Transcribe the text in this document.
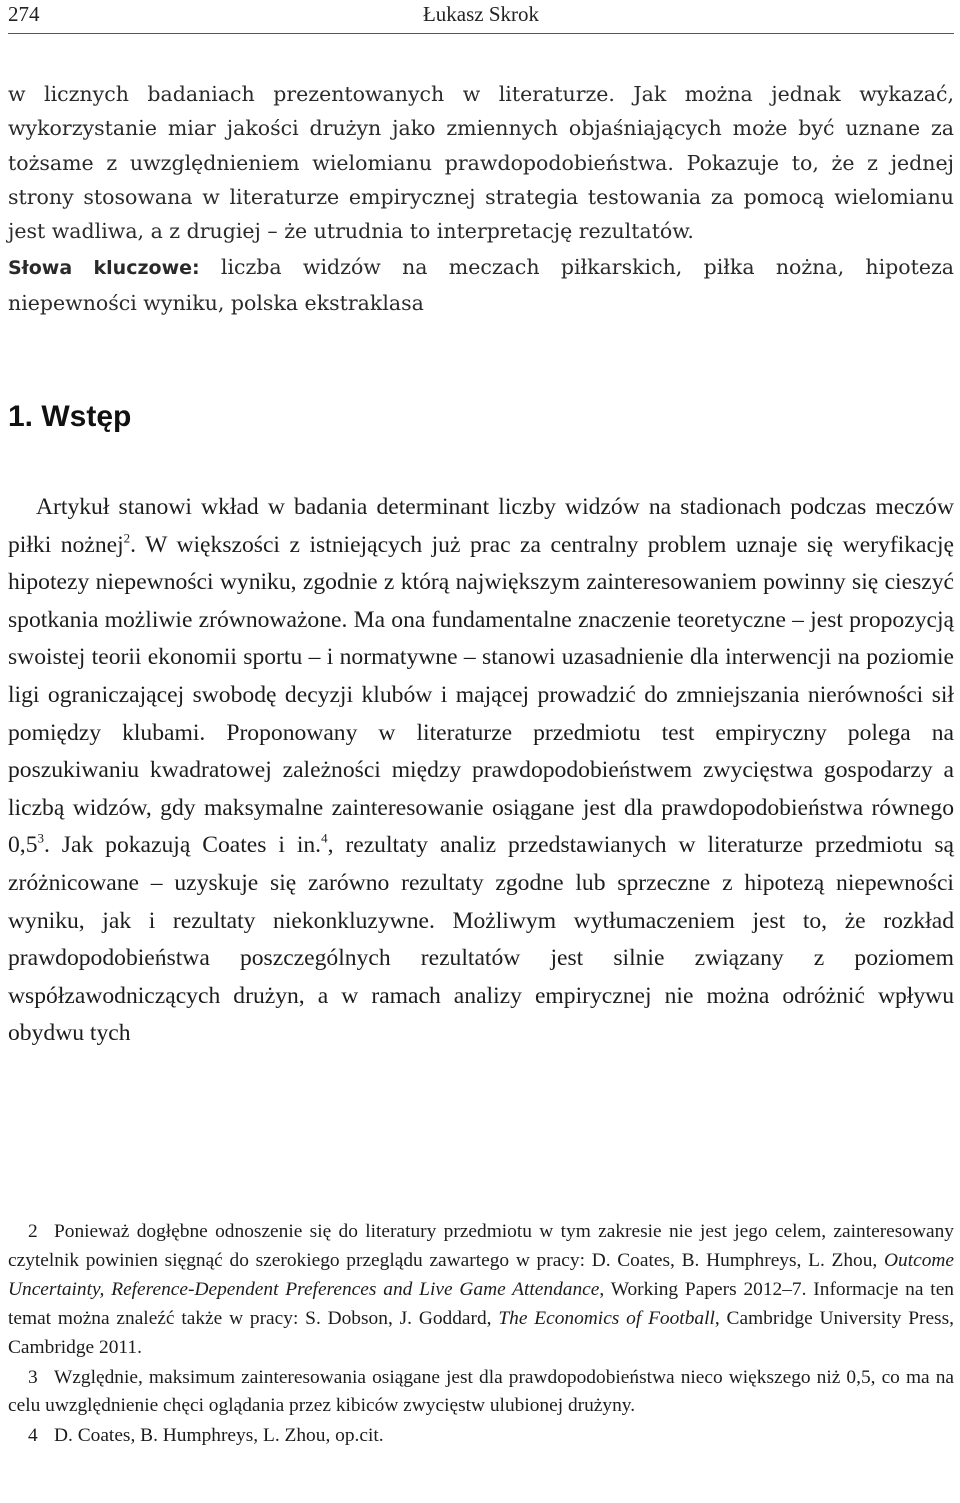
274	Łukasz Skrok

w licznych badaniach prezentowanych w literaturze. Jak można jednak wykazać, wykorzystanie miar jakości drużyn jako zmiennych objaśniających może być uznane za tożsame z uwzględnieniem wielomianu prawdopodobieństwa. Pokazuje to, że z jednej strony stosowana w literaturze empirycznej strategia testowania za pomocą wielomianu jest wadliwa, a z drugiej – że utrudnia to interpretację rezultatów.

Słowa kluczowe: liczba widzów na meczach piłkarskich, piłka nożna, hipoteza niepewności wyniku, polska ekstraklasa

1. Wstęp

Artykuł stanowi wkład w badania determinant liczby widzów na stadionach podczas meczów piłki nożnej$^2$. W większości z istniejących już prac za centralny problem uznaje się weryfikację hipotezy niepewności wyniku, zgodnie z którą największym zainteresowaniem powinny się cieszyć spotkania możliwie zrównoważone. Ma ona fundamentalne znaczenie teoretyczne – jest propozycją swoistej teorii ekonomii sportu – i normatywne – stanowi uzasadnienie dla interwencji na poziomie ligi ograniczającej swobodę decyzji klubów i mającej prowadzić do zmniejszania nierówności sił pomiędzy klubami. Proponowany w literaturze przedmiotu test empiryczny polega na poszukiwaniu kwadratowej zależności między prawdopodobieństwem zwycięstwa gospodarzy a liczbą widzów, gdy maksymalne zainteresowanie osiągane jest dla prawdopodobieństwa równego $0,5^3$. Jak pokazują Coates i in.$^4$, rezultaty analiz przedstawianych w literaturze przedmiotu są zróżnicowane – uzyskuje się zarówno rezultaty zgodne lub sprzeczne z hipotezą niepewności wyniku, jak i rezultaty niekonkluzywne. Możliwym wytłumaczeniem jest to, że rozkład prawdopodobieństwa poszczególnych rezultatów jest silnie związany z poziomem współzawodniczących drużyn, a w ramach analizy empirycznej nie można odróżnić wpływu obydwu tych

2 Ponieważ dogłębne odnoszenie się do literatury przedmiotu w tym zakresie nie jest jego celem, zainteresowany czytelnik powinien sięgnąć do szerokiego przeglądu zawartego w pracy: D. Coates, B. Humphreys, L. Zhou, Outcome Uncertainty, Reference-Dependent Preferences and Live Game Attendance, Working Papers 2012–7. Informacje na ten temat można znaleźć także w pracy: S. Dobson, J. Goddard, The Economics of Football, Cambridge University Press, Cambridge 2011.

3 Względnie, maksimum zainteresowania osiągane jest dla prawdopodobieństwa nieco większego niż 0,5, co ma na celu uwzględnienie chęci oglądania przez kibiców zwycięstw ulubionej drużyny.

4 D. Coates, B. Humphreys, L. Zhou, op.cit.
